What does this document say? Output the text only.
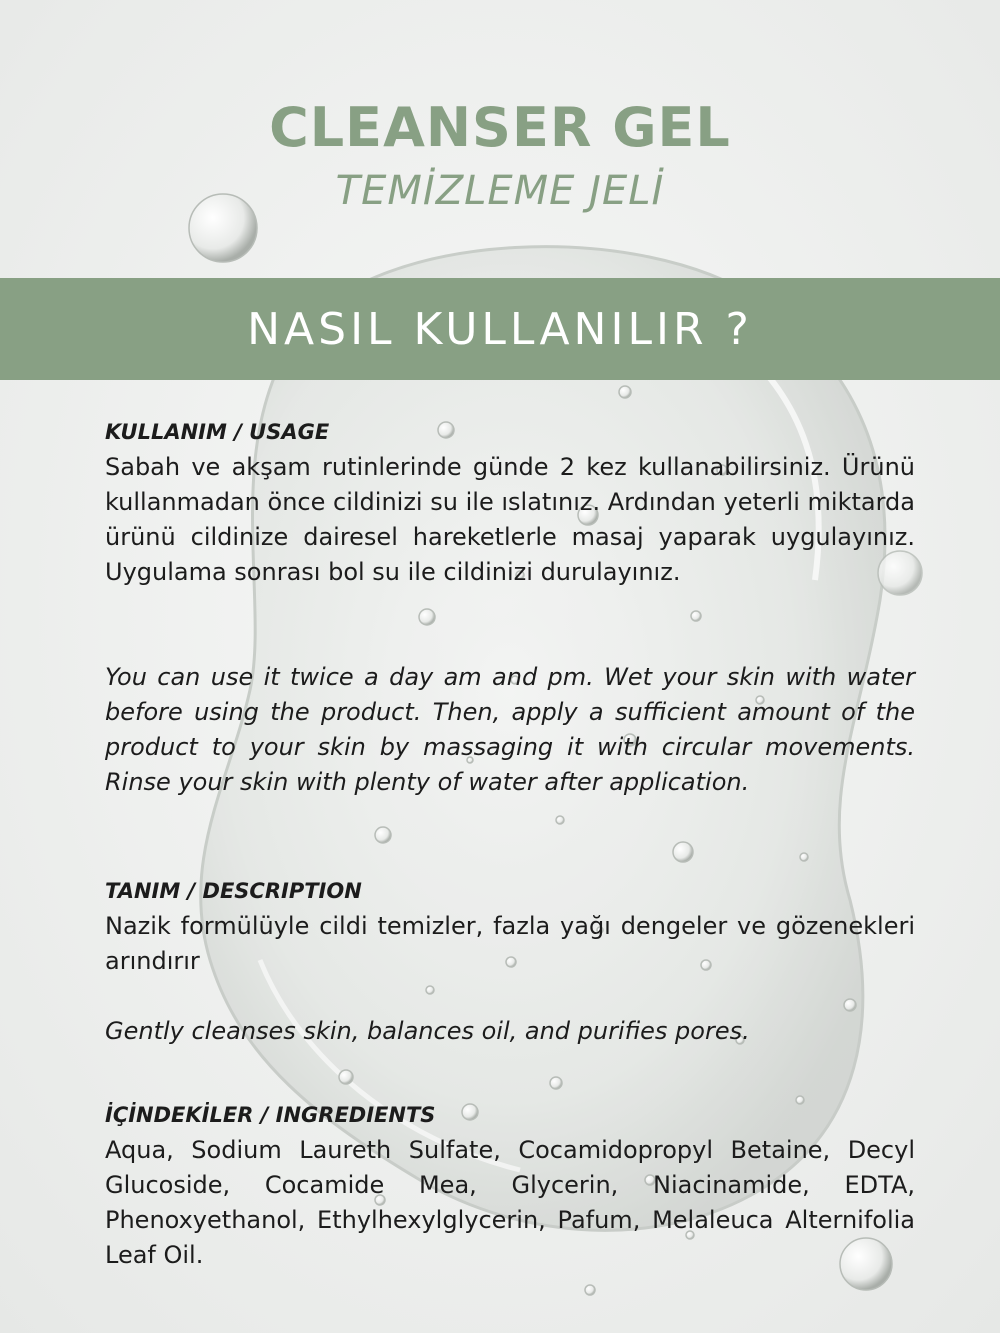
CLEANSER GEL
TEMİZLEME JELİ
NASIL KULLANILIR ?
KULLANIM / USAGE
Sabah ve akşam rutinlerinde günde 2 kez kullanabilirsiniz. Ürünü kullanmadan önce cildinizi su ile ıslatınız. Ardından yeterli miktarda ürünü cildinize dairesel hareketlerle masaj yaparak uygulayınız. Uygulama sonrası bol su ile cildinizi durulayınız.
You can use it twice a day am and pm. Wet your skin with water before using the product. Then, apply a sufficient amount of the product to your skin by massaging it with circular movements. Rinse your skin with plenty of water after application.
TANIM / DESCRIPTION
Nazik formülüyle cildi temizler, fazla yağı dengeler ve gözenekleri arındırır
Gently cleanses skin, balances oil, and purifies pores.
İÇİNDEKİLER / INGREDIENTS
Aqua, Sodium Laureth Sulfate, Cocamidopropyl Betaine, Decyl Glucoside, Cocamide Mea, Glycerin, Niacinamide, EDTA, Phenoxyethanol, Ethylhexylglycerin, Pafum, Melaleuca Alternifolia Leaf Oil.
